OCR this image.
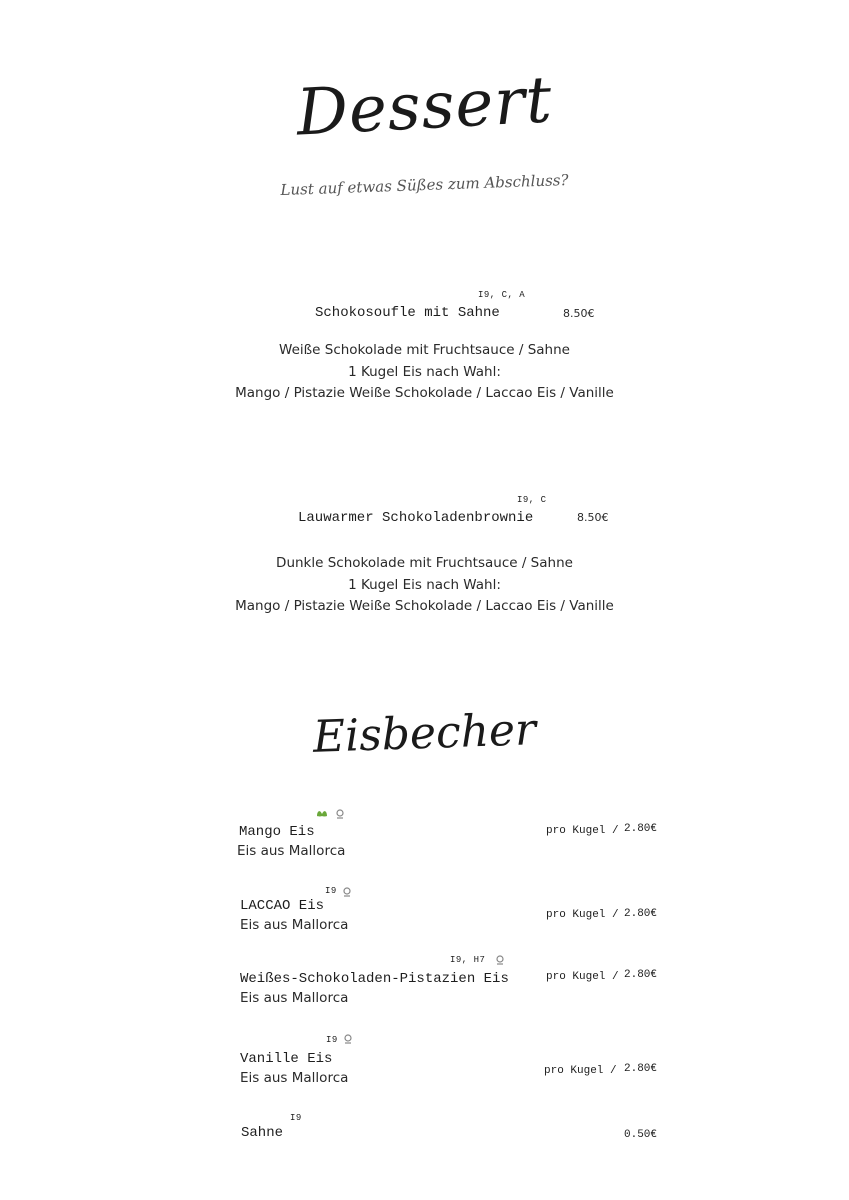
Dessert
Lust auf etwas Süßes zum Abschluss?
I9, C, A
Schokosoufle mit Sahne	8.50€
Weiße Schokolade mit Fruchtsauce / Sahne
1 Kugel Eis nach Wahl:
Mango / Pistazie Weiße Schokolade / Laccao Eis / Vanille
I9, C
Lauwarmer Schokoladenbrownie	8.50€
Dunkle Schokolade mit Fruchtsauce / Sahne
1 Kugel Eis nach Wahl:
Mango / Pistazie Weiße Schokolade / Laccao Eis / Vanille
Eisbecher
Mango Eis
Eis aus Mallorca
pro Kugel / 2.80€
I9
LACCAO Eis
Eis aus Mallorca
pro Kugel / 2.80€
I9, H7
Weißes-Schokoladen-Pistazien Eis
Eis aus Mallorca
pro Kugel / 2.80€
I9
Vanille Eis
Eis aus Mallorca	pro Kugel / 2.80€
I9
Sahne	0.50€
